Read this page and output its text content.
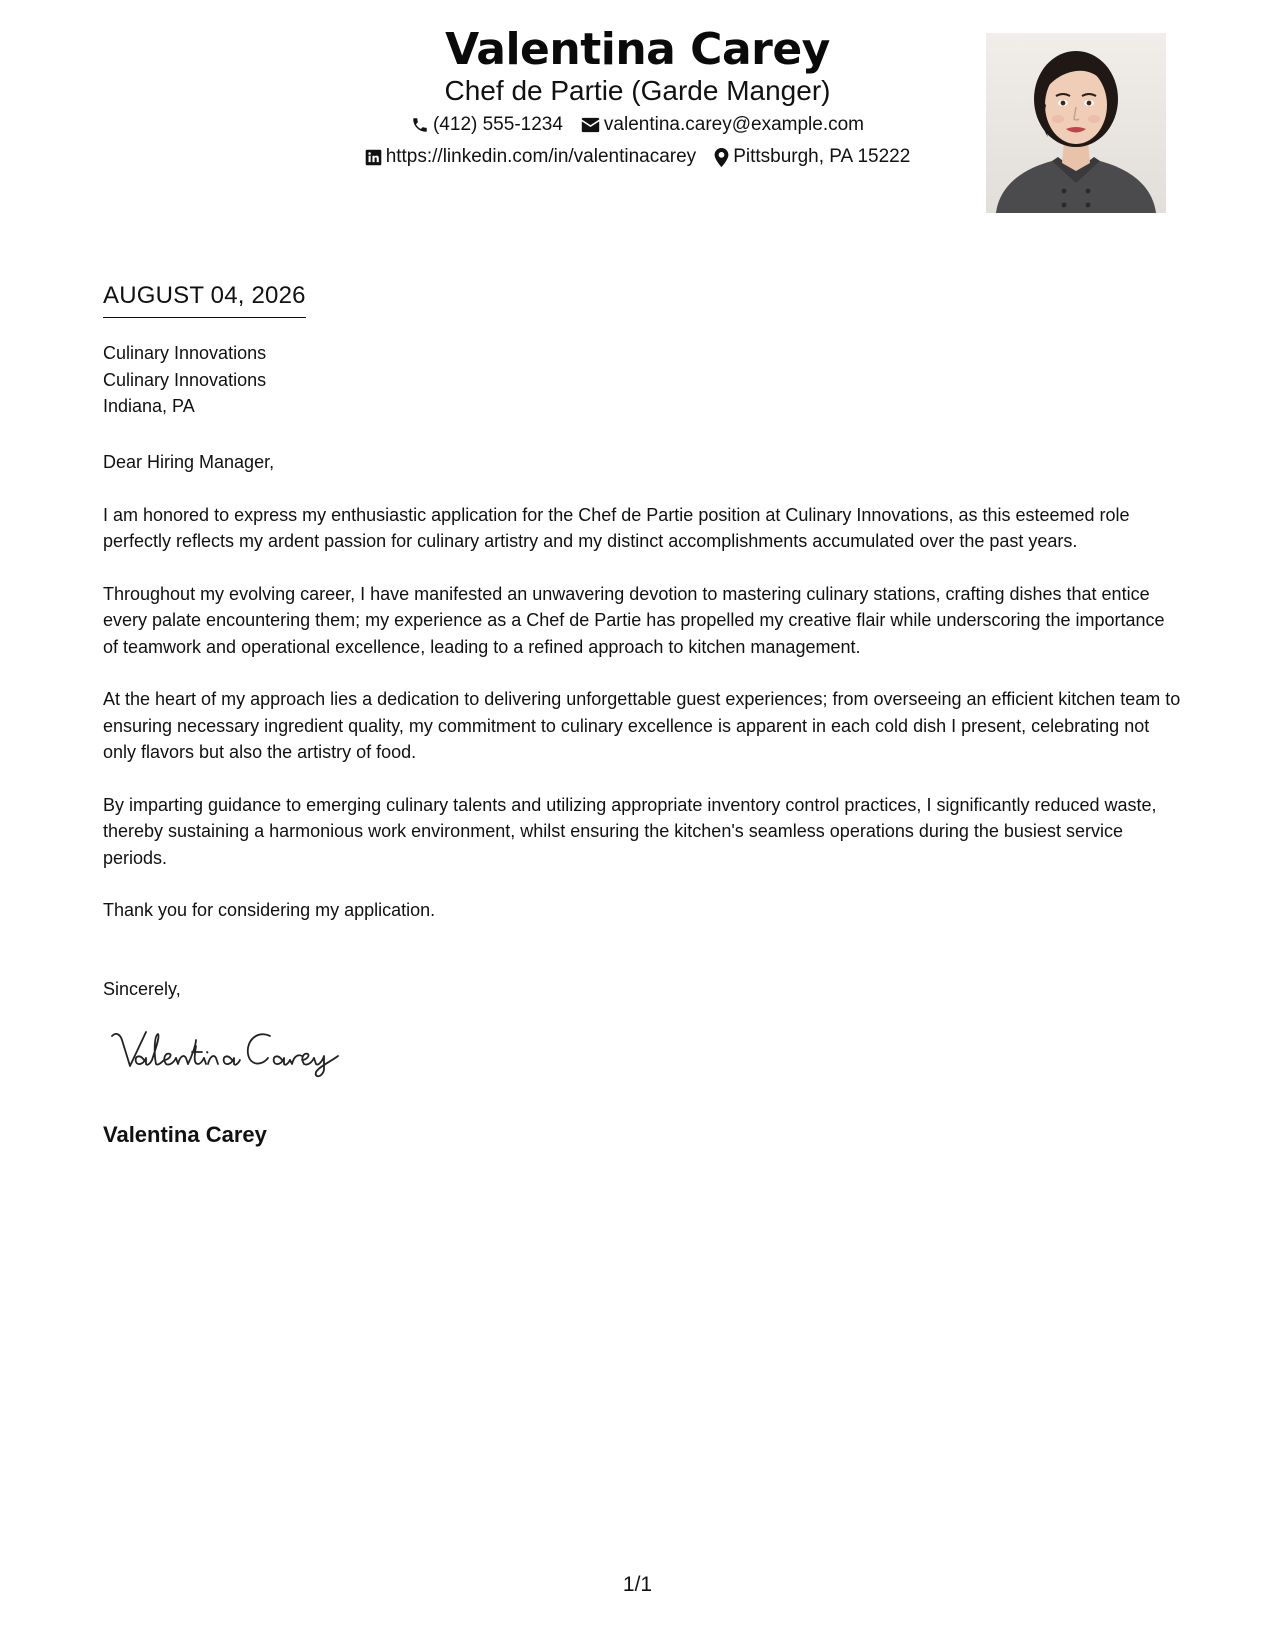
Valentina Carey
Chef de Partie (Garde Manger)
(412) 555-1234 valentina.carey@example.com
https://linkedin.com/in/valentinacarey Pittsburgh, PA 15222
AUGUST 04, 2026
Culinary Innovations
Culinary Innovations
Indiana, PA

Dear Hiring Manager,

I am honored to express my enthusiastic application for the Chef de Partie position at Culinary Innovations, as this esteemed role perfectly reflects my ardent passion for culinary artistry and my distinct accomplishments accumulated over the past years.

Throughout my evolving career, I have manifested an unwavering devotion to mastering culinary stations, crafting dishes that entice every palate encountering them; my experience as a Chef de Partie has propelled my creative flair while underscoring the importance of teamwork and operational excellence, leading to a refined approach to kitchen management.

At the heart of my approach lies a dedication to delivering unforgettable guest experiences; from overseeing an efficient kitchen team to ensuring necessary ingredient quality, my commitment to culinary excellence is apparent in each cold dish I present, celebrating not only flavors but also the artistry of food.

By imparting guidance to emerging culinary talents and utilizing appropriate inventory control practices, I significantly reduced waste, thereby sustaining a harmonious work environment, whilst ensuring the kitchen's seamless operations during the busiest service periods.

Thank you for considering my application.

Sincerely,
Valentina Carey
1/1
